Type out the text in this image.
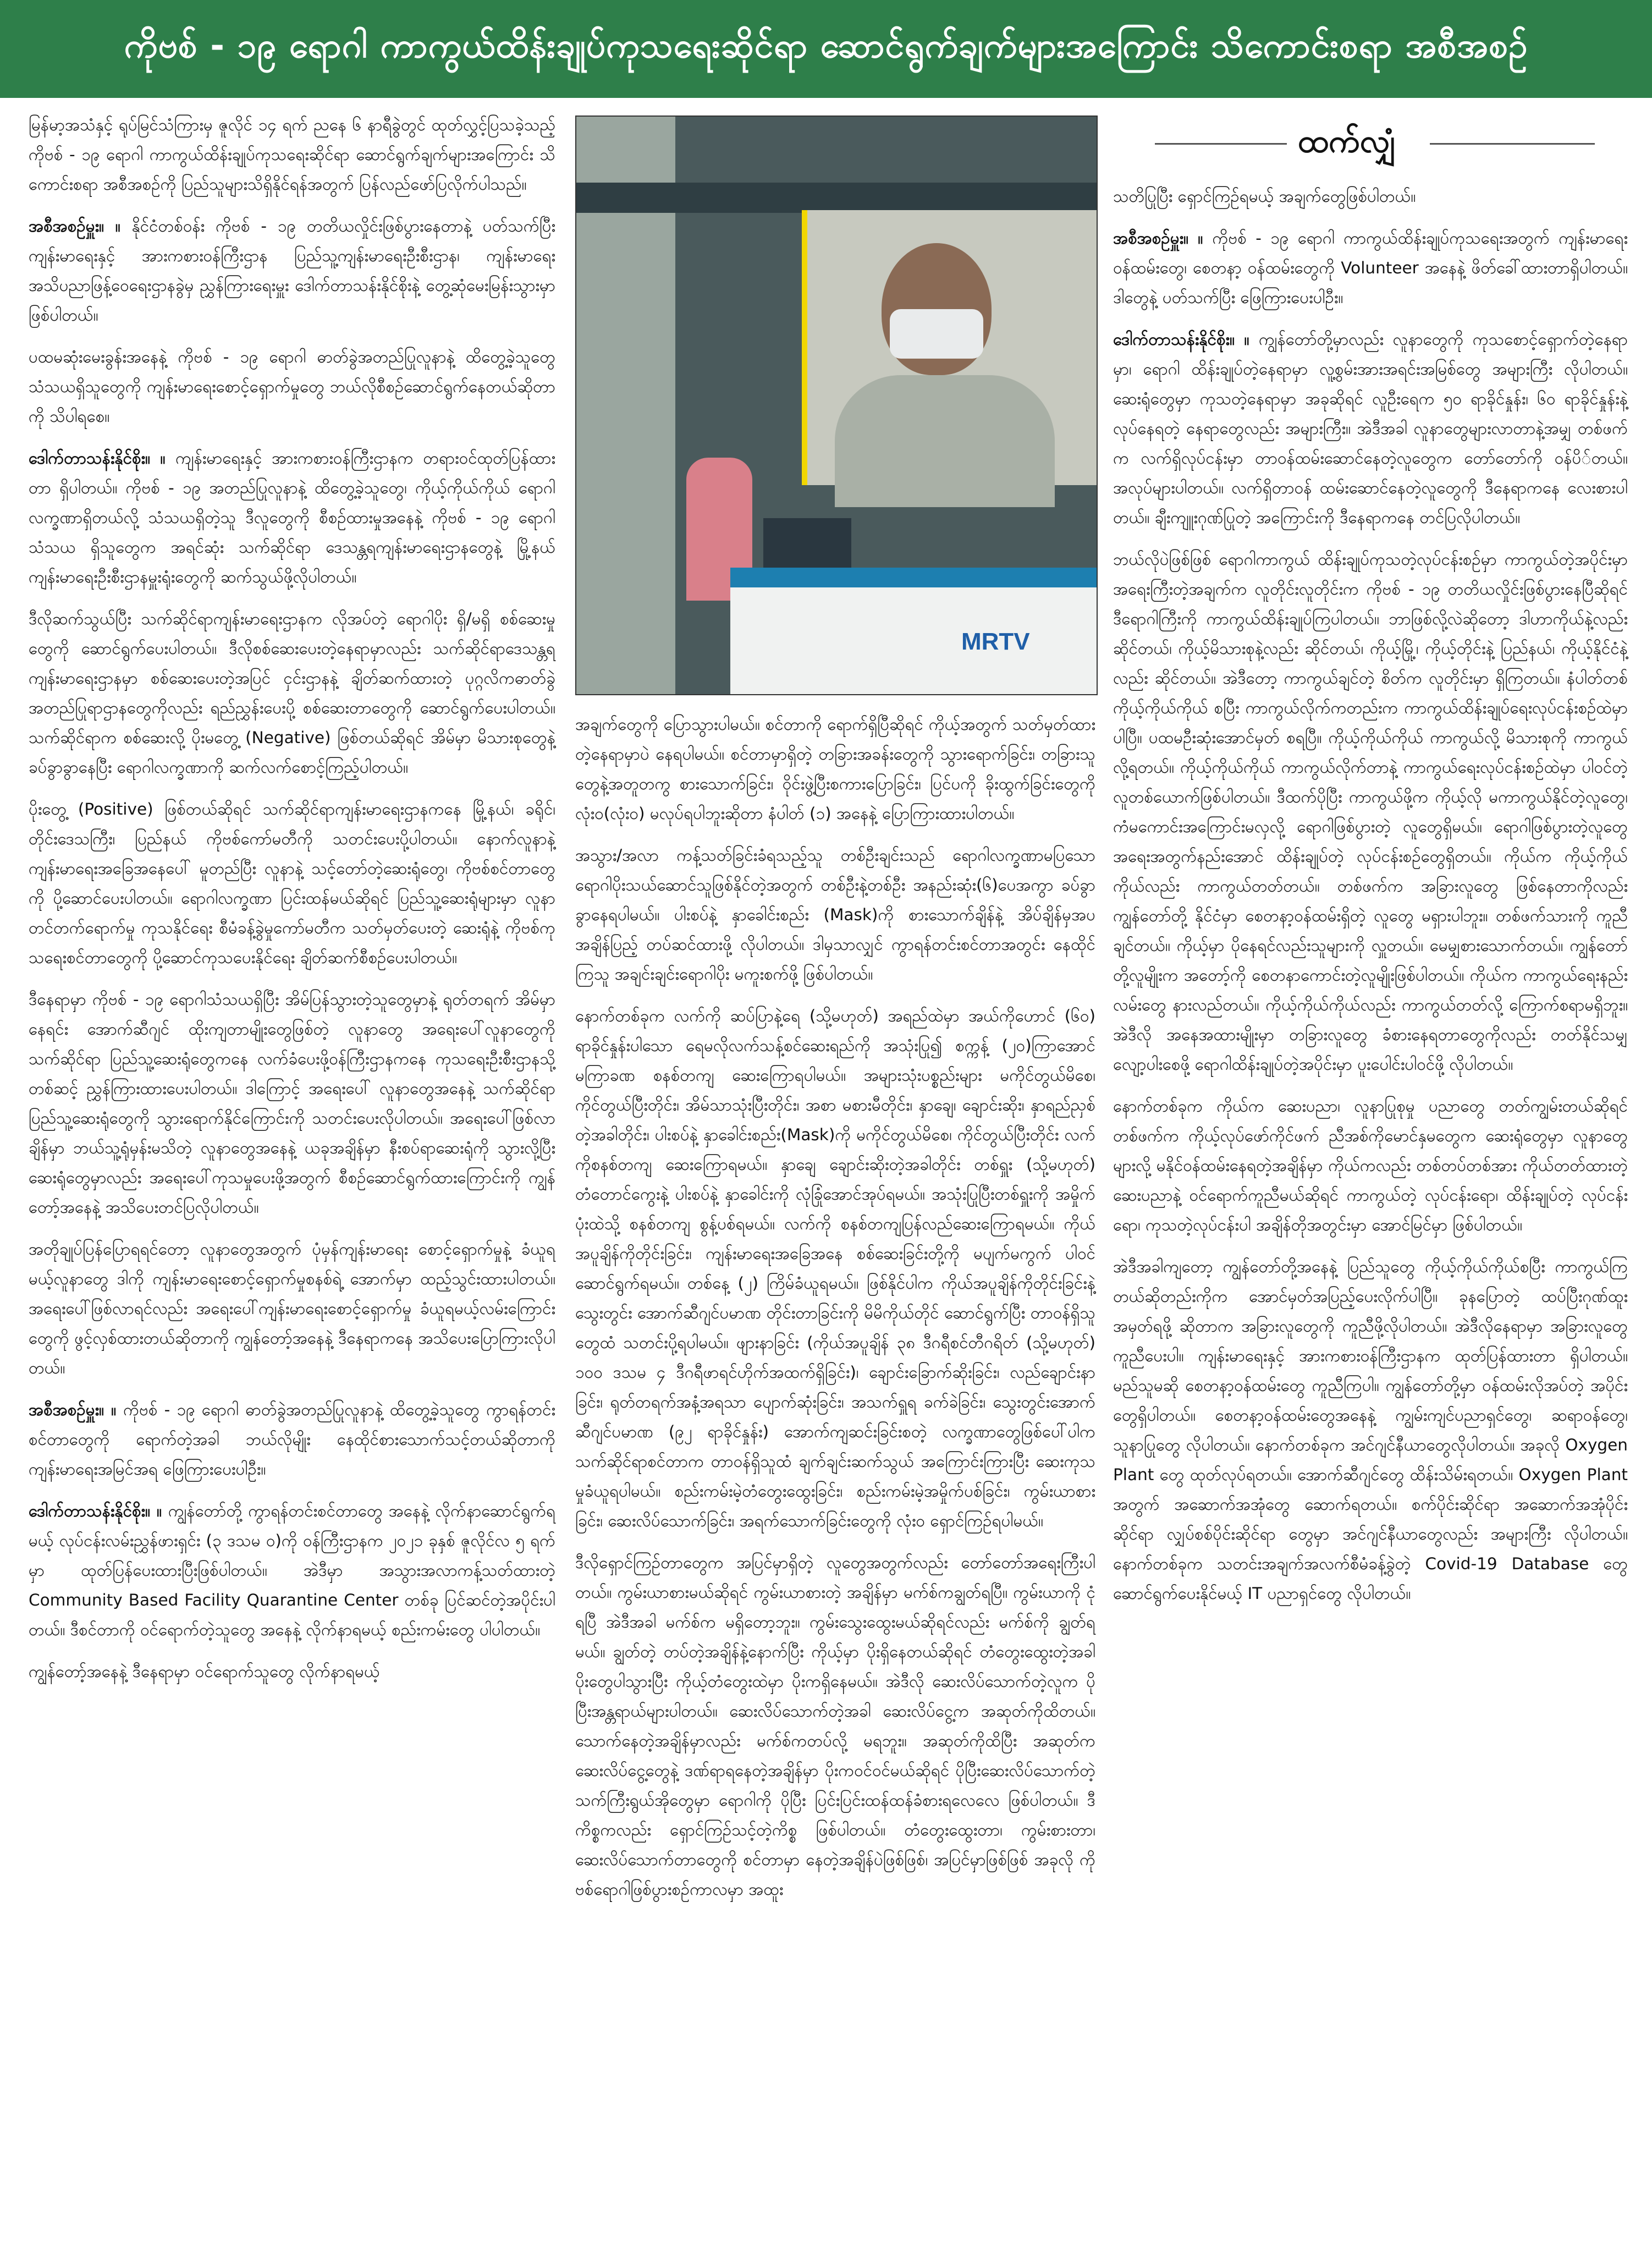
ကိုဗစ် - ၁၉ ရောဂါ ကာကွယ်ထိန်းချုပ်ကုသရေးဆိုင်ရာ ဆောင်ရွက်ချက်များအကြောင်း သိကောင်းစရာ အစီအစဉ်

မြန်မာ့အသံနှင့် ရုပ်မြင်သံကြားမှ ဇူလိုင် ၁၄ ရက် ညနေ ၆ နာရီခွဲတွင် ထုတ်လွှင့်ပြသခဲ့သည့် ကိုဗစ် - ၁၉ ရောဂါ ကာကွယ်ထိန်းချုပ်ကုသရေးဆိုင်ရာ ဆောင်ရွက်ချက်များအကြောင်း သိကောင်းစရာ အစီအစဉ်ကို ပြည်သူများသိရှိနိုင်ရန်အတွက် ပြန်လည်ဖော်ပြလိုက်ပါသည်။

အစီအစဉ်မှူး။ ။ နိုင်ငံတစ်ဝန်း ကိုဗစ် - ၁၉ တတိယလှိုင်းဖြစ်ပွားနေတာနဲ့ ပတ်သက်ပြီး ကျန်းမာရေးနှင့် အားကစားဝန်ကြီးဌာန ပြည်သူ့ကျန်းမာရေးဦးစီးဌာန၊ ကျန်းမာရေး အသိပညာဖြန့်ဝေရေးဌာနခွဲမှ ညွှန်ကြားရေးမှူး ဒေါက်တာသန်းနိုင်စိုးနဲ့ တွေ့ဆုံမေးမြန်းသွားမှာ ဖြစ်ပါတယ်။

ပထမဆုံးမေးခွန်းအနေနဲ့ ကိုဗစ် - ၁၉ ရောဂါ ဓာတ်ခွဲအတည်ပြုလူနာနဲ့ ထိတွေ့ခဲ့သူတွေ သံသယရှိသူတွေကို ကျန်းမာရေးစောင့်ရှောက်မှုတွေ ဘယ်လိုစီစဉ်ဆောင်ရွက်နေတယ်ဆိုတာကို သိပါရစေ။

ဒေါက်တာသန်းနိုင်စိုး။ ။ ကျန်းမာရေးနှင့် အားကစားဝန်ကြီးဌာနက တရားဝင်ထုတ်ပြန်ထားတာ ရှိပါတယ်။ ကိုဗစ် - ၁၉ အတည်ပြုလူနာနဲ့ ထိတွေ့ခဲ့သူတွေ၊ ကိုယ့်ကိုယ်ကိုယ် ရောဂါလက္ခဏာရှိတယ်လို့ သံသယရှိတဲ့သူ ဒီလူတွေကို စီစဉ်ထားမှုအနေနဲ့ ကိုဗစ် - ၁၉ ရောဂါ သံသယ ရှိသူတွေက အရင်ဆုံး သက်ဆိုင်ရာ ဒေသန္တရကျန်းမာရေးဌာနတွေနဲ့ မြို့နယ်ကျန်းမာရေးဦးစီးဌာနမှူးရုံးတွေကို ဆက်သွယ်ဖို့လိုပါတယ်။

ဒီလိုဆက်သွယ်ပြီး သက်ဆိုင်ရာကျန်းမာရေးဌာနက လိုအပ်တဲ့ ရောဂါပိုး ရှိ/မရှိ စစ်ဆေးမှုတွေကို ဆောင်ရွက်ပေးပါတယ်။ ဒီလိုစစ်ဆေးပေးတဲ့နေရာမှာလည်း သက်ဆိုင်ရာဒေသန္တရ ကျန်းမာရေးဌာနမှာ စစ်ဆေးပေးတဲ့အပြင် ငှင်းဌာနနဲ့ ချိတ်ဆက်ထားတဲ့ ပုဂ္ဂလိကဓာတ်ခွဲအတည်ပြုရာဌာနတွေကိုလည်း ရည်ညွှန်းပေးပို့ စစ်ဆေးတာတွေကို ဆောင်ရွက်ပေးပါတယ်။ သက်ဆိုင်ရာက စစ်ဆေးလို့ ပိုးမတွေ့ (Negative) ဖြစ်တယ်ဆိုရင် အိမ်မှာ မိသားစုတွေနဲ့ ခပ်ခွာခွာနေပြီး ရောဂါလက္ခဏာကို ဆက်လက်စောင့်ကြည့်ပါတယ်။

ပိုးတွေ့ (Positive) ဖြစ်တယ်ဆိုရင် သက်ဆိုင်ရာကျန်းမာရေးဌာနကနေ မြို့နယ်၊ ခရိုင်၊ တိုင်းဒေသကြီး၊ ပြည်နယ် ကိုဗစ်ကော်မတီကို သတင်းပေးပို့ပါတယ်။ နောက်လူနာနဲ့ ကျန်းမာရေးအခြေအနေပေါ် မူတည်ပြီး လူနာနဲ့ သင့်တော်တဲ့ဆေးရုံတွေ၊ ကိုဗစ်စင်တာတွေကို ပို့ဆောင်ပေးပါတယ်။ ရောဂါလက္ခဏာ ပြင်းထန်မယ်ဆိုရင် ပြည်သူ့ဆေးရုံများမှာ လူနာတင်တက်ရောက်မှု ကုသနိုင်ရေး စီမံခန့်ခွဲမှုကော်မတီက သတ်မှတ်ပေးတဲ့ ဆေးရုံနဲ့ ကိုဗစ်ကုသရေးစင်တာတွေကို ပို့ဆောင်ကုသပေးနိုင်ရေး ချိတ်ဆက်စီစဉ်ပေးပါတယ်။

ဒီနေရာမှာ ကိုဗစ် - ၁၉ ရောဂါသံသယရှိပြီး အိမ်ပြန်သွားတဲ့သူတွေမှာနဲ့ ရုတ်တရက် အိမ်မှာနေရင်း အောက်ဆီဂျင် ထိုးကျတာမျိုးတွေဖြစ်တဲ့ လူနာတွေ အရေးပေါ်လူနာတွေကို သက်ဆိုင်ရာ ပြည်သူ့ဆေးရုံတွေကနေ လက်ခံပေးဖို့ဝန်ကြီးဌာနကနေ ကုသရေးဦးစီးဌာနသို့တစ်ဆင့် ညွှန်ကြားထားပေးပါတယ်။ ဒါကြောင့် အရေးပေါ် လူနာတွေအနေနဲ့ သက်ဆိုင်ရာ ပြည်သူ့ဆေးရုံတွေကို သွားရောက်နိုင်ကြောင်းကို သတင်းပေးလိုပါတယ်။ အရေးပေါ်ဖြစ်လာချိန်မှာ ဘယ်သူ့ရုံမှန်းမသိတဲ့ လူနာတွေအနေနဲ့ ယခုအချိန်မှာ နီးစပ်ရာဆေးရုံကို သွားလို့ပြီး ဆေးရုံတွေမှာလည်း အရေးပေါ်ကုသမှုပေးဖို့အတွက် စီစဉ်ဆောင်ရွက်ထားကြောင်းကို ကျွန်တော့်အနေနဲ့ အသိပေးတင်ပြလိုပါတယ်။

အတိုချုပ်ပြန်ပြောရရင်တော့ လူနာတွေအတွက် ပုံမှန်ကျန်းမာရေး စောင့်ရှောက်မှုနဲ့ ခံယူရမယ့်လူနာတွေ ဒါကို ကျန်းမာရေးစောင့်ရှောက်မှုစနစ်ရဲ့ အောက်မှာ ထည့်သွင်းထားပါတယ်။ အရေးပေါ်ဖြစ်လာရင်လည်း အရေးပေါ်ကျန်းမာရေးစောင့်ရှောက်မှု ခံယူရမယ့်လမ်းကြောင်းတွေကို ဖွင့်လှစ်ထားတယ်ဆိုတာကို ကျွန်တော့်အနေနဲ့ ဒီနေရာကနေ အသိပေးပြောကြားလိုပါတယ်။

အစီအစဉ်မှူး။ ။ ကိုဗစ် - ၁၉ ရောဂါ ဓာတ်ခွဲအတည်ပြုလူနာနဲ့ ထိတွေ့ခဲ့သူတွေ ကွာရန်တင်းစင်တာတွေကို ရောက်တဲ့အခါ ဘယ်လိုမျိုး နေထိုင်စားသောက်သင့်တယ်ဆိုတာကို ကျန်းမာရေးအမြင်အရ ဖြေကြားပေးပါဦး။

ဒေါက်တာသန်းနိုင်စိုး။ ။ ကျွန်တော်တို့ ကွာရန်တင်းစင်တာတွေ အနေနဲ့ လိုက်နာဆောင်ရွက်ရမယ့် လုပ်ငန်းလမ်းညွှန်ဖားရှင်း (၃ ဒသမ ၀)ကို ဝန်ကြီးဌာနက ၂၀၂၁ ခုနှစ် ဇူလိုင်လ ၅ ရက်မှာ ထုတ်ပြန်ပေးထားပြီးဖြစ်ပါတယ်။ အဲဒီမှာ အသွားအလာကန့်သတ်ထားတဲ့ Community Based Facility Quarantine Center တစ်ခု ပြင်ဆင်တဲ့အပိုင်းပါတယ်။ ဒီစင်တာကို ဝင်ရောက်တဲ့သူတွေ အနေနဲ့ လိုက်နာရမယ့် စည်းကမ်းတွေ ပါပါတယ်။

ကျွန်တော့်အနေနဲ့ ဒီနေရာမှာ ဝင်ရောက်သူတွေ လိုက်နာရမယ့်

MRTV
ထက်လျှံ

အချက်တွေကို ပြောသွားပါမယ်။ စင်တာကို ရောက်ရှိပြီဆိုရင် ကိုယ့်အတွက် သတ်မှတ်ထားတဲ့နေရာမှာပဲ နေရပါမယ်။ စင်တာမှာရှိတဲ့ တခြားအခန်းတွေကို သွားရောက်ခြင်း၊ တခြားသူတွေနဲ့အတူတကွ စားသောက်ခြင်း၊ ဝိုင်းဖွဲ့ပြီးစကားပြောခြင်း၊ ပြင်ပကို ခိုးထွက်ခြင်းတွေကို လုံး၀(လုံး၀) မလုပ်ရပါဘူးဆိုတာ နံပါတ် (၁) အနေနဲ့ ပြောကြားထားပါတယ်။

အသွား/အလာ ကန့်သတ်ခြင်းခံရသည့်သူ တစ်ဦးချင်းသည် ရောဂါလက္ခဏာမပြသော ရောဂါပိုးသယ်ဆောင်သူဖြစ်နိုင်တဲ့အတွက် တစ်ဦးနဲ့တစ်ဦး အနည်းဆုံး(၆)ပေအကွာ ခပ်ခွာခွာနေရပါမယ်။ ပါးစပ်နဲ့ နှာခေါင်းစည်း (Mask)ကို စားသောက်ချိန်နဲ့ အိပ်ချိန်မှအပ အချိန်ပြည့် တပ်ဆင်ထားဖို့ လိုပါတယ်။ ဒါမှသာလျှင် ကွာရန်တင်းစင်တာအတွင်း နေထိုင်ကြသူ အချင်းချင်းရောဂါပိုး မကူးစက်ဖို့ ဖြစ်ပါတယ်။

နောက်တစ်ခုက လက်ကို ဆပ်ပြာနဲ့ရေ (သို့မဟုတ်) အရည်ထဲမှာ အယ်ကိုဟောင် (၆၀) ရာခိုင်နှုန်းပါသော ရေမလိုလက်သန့်စင်ဆေးရည်ကို အသုံးပြု၍ စက္ကန့် (၂၀)ကြာအောင် မကြာခဏ စနစ်တကျ ဆေးကြောရပါမယ်။ အများသုံးပစ္စည်းများ မကိုင်တွယ်မိစေ၊ ကိုင်တွယ်ပြီးတိုင်း၊ အိမ်သာသုံးပြီးတိုင်း၊ အစာ မစားမီတိုင်း၊ နှာချေ၊ ချောင်းဆိုး၊ နှာရည်ညှစ်တဲ့အခါတိုင်း၊ ပါးစပ်နဲ့ နှာခေါင်းစည်း(Mask)ကို မကိုင်တွယ်မိစေ၊ ကိုင်တွယ်ပြီးတိုင်း လက်ကိုစနစ်တကျ ဆေးကြောရမယ်။ နှာချေ ချောင်းဆိုးတဲ့အခါတိုင်း တစ်ရှူး (သို့မဟုတ်) တံတောင်ကွေးနဲ့ ပါးစပ်နဲ့ နှာခေါင်းကို လုံခြုံအောင်အုပ်ရမယ်။ အသုံးပြုပြီးတစ်ရှူးကို အမှိုက်ပုံးထဲသို့ စနစ်တကျ စွန့်ပစ်ရမယ်။ လက်ကို စနစ်တကျပြန်လည်ဆေးကြောရမယ်။ ကိုယ်အပူချိန်ကိုတိုင်းခြင်း၊ ကျန်းမာရေးအခြေအနေ စစ်ဆေးခြင်းတို့ကို မပျက်မကွက် ပါဝင်ဆောင်ရွက်ရမယ်။ တစ်နေ့ (၂) ကြိမ်ခံယူရမယ်။ ဖြစ်နိုင်ပါက ကိုယ်အပူချိန်ကိုတိုင်းခြင်းနဲ့ သွေးတွင်း အောက်ဆီဂျင်ပမာဏ တိုင်းတာခြင်းကို မိမိကိုယ်တိုင် ဆောင်ရွက်ပြီး တာဝန်ရှိသူတွေထံ သတင်းပို့ရပါမယ်။ ဖျားနာခြင်း (ကိုယ်အပူချိန် ၃၈ ဒီဂရီစင်တီဂရိတ် (သို့မဟုတ်) ၁၀၀ ဒသမ ၄ ဒီဂရီဖာရင်ဟိုက်အထက်ရှိခြင်း)၊ ချောင်းခြောက်ဆိုးခြင်း၊ လည်ချောင်းနာခြင်း၊ ရုတ်တရက်အနံ့အရသာ ပျောက်ဆုံးခြင်း၊ အသက်ရှူရ ခက်ခဲခြင်း၊ သွေးတွင်းအောက်ဆီဂျင်ပမာဏ (၉၂ ရာခိုင်နှုန်း) အောက်ကျဆင်းခြင်းစတဲ့ လက္ခဏာတွေဖြစ်ပေါ်ပါက သက်ဆိုင်ရာစင်တာက တာဝန်ရှိသူထံ ချက်ချင်းဆက်သွယ် အကြောင်းကြားပြီး ဆေးကုသမှုခံယူရပါမယ်။ စည်းကမ်းမဲ့တံတွေးထွေးခြင်း၊ စည်းကမ်းမဲ့အမှိုက်ပစ်ခြင်း၊ ကွမ်းယာစားခြင်း၊ ဆေးလိပ်သောက်ခြင်း၊ အရက်သောက်ခြင်းတွေကို လုံး၀ ရှောင်ကြဉ်ရပါမယ်။

ဒီလိုရှောင်ကြဉ်တာတွေက အပြင်မှာရှိတဲ့ လူတွေအတွက်လည်း တော်တော်အရေးကြီးပါတယ်။ ကွမ်းယာစားမယ်ဆိုရင် ကွမ်းယာစားတဲ့ အချိန်မှာ မက်စ်ကချွတ်ရပြီ။ ကွမ်းယာကို ငုံရပြီ အဲဒီအခါ မက်စ်က မရှိတော့ဘူး။ ကွမ်းသွေးထွေးမယ်ဆိုရင်လည်း မက်စ်ကို ချွတ်ရမယ်။ ချွတ်တဲ့ တပ်တဲ့အချိန်နဲ့နောက်ပြီး ကိုယ့်မှာ ပိုးရှိနေတယ်ဆိုရင် တံတွေးထွေးတဲ့အခါ ပိုးတွေပါသွားပြီး ကိုယ့်တံတွေးထဲမှာ ပိုးကရှိနေမယ်။ အဲဒီလို ဆေးလိပ်သောက်တဲ့လူက ပိုပြီးအန္တရာယ်များပါတယ်။ ဆေးလိပ်သောက်တဲ့အခါ ဆေးလိပ်ငွေ့က အဆုတ်ကိုထိတယ်။ သောက်နေတဲ့အချိန်မှာလည်း မက်စ်ကတပ်လို့ မရဘူး။ အဆုတ်ကိုထိပြီး အဆုတ်က ဆေးလိပ်ငွေ့တွေနဲ့ ဒဏ်ရာရနေတဲ့အချိန်မှာ ပိုးကဝင်ဝင်မယ်ဆိုရင် ပိုပြီးဆေးလိပ်သောက်တဲ့ သက်ကြီးရွယ်အိုတွေမှာ ရောဂါကို ပိုပြီး ပြင်းပြင်းထန်ထန်ခံစားရလေလေ ဖြစ်ပါတယ်။ ဒီကိစ္စကလည်း ရှောင်ကြဉ်သင့်တဲ့ကိစ္စ ဖြစ်ပါတယ်။ တံတွေးထွေးတာ၊ ကွမ်းစားတာ၊ ဆေးလိပ်သောက်တာတွေကို စင်တာမှာ နေတဲ့အချိန်ပဲဖြစ်ဖြစ်၊ အပြင်မှာဖြစ်ဖြစ် အခုလို ကိုဗစ်ရောဂါဖြစ်ပွားစဉ်ကာလမှာ အထူး

သတိပြုပြီး ရှောင်ကြဉ်ရမယ့် အချက်တွေဖြစ်ပါတယ်။

အစီအစဉ်မှူး။ ။ ကိုဗစ် - ၁၉ ရောဂါ ကာကွယ်ထိန်းချုပ်ကုသရေးအတွက် ကျန်းမာရေး ဝန်ထမ်းတွေ၊ စေတနာ့ ဝန်ထမ်းတွေကို Volunteer အနေနဲ့ ဖိတ်ခေါ်ထားတာရှိပါတယ်။ ဒါတွေနဲ့ ပတ်သက်ပြီး ဖြေကြားပေးပါဦး။

ဒေါက်တာသန်းနိုင်စိုး။ ။ ကျွန်တော်တို့မှာလည်း လူနာတွေကို ကုသစောင့်ရှောက်တဲ့နေရာမှာ၊ ရောဂါ ထိန်းချုပ်တဲ့နေရာမှာ လူ့စွမ်းအားအရင်းအမြစ်တွေ အများကြီး လိုပါတယ်။ ဆေးရုံတွေမှာ ကုသတဲ့နေရာမှာ အခုဆိုရင် လူဦးရေက ၅၀ ရာခိုင်နှုန်း၊ ၆၀ ရာခိုင်နှုန်းနဲ့ လုပ်နေရတဲ့ နေရာတွေလည်း အများကြီး။ အဲဒီအခါ လူနာတွေများလာတာနဲ့အမျှ တစ်ဖက်က လက်ရှိလုပ်ငန်းမှာ တာဝန်ထမ်းဆောင်နေတဲ့လူတွေက တော်တော်ကို ဝန်ပိ်တယ်။ အလုပ်များပါတယ်။ လက်ရှိတာဝန် ထမ်းဆောင်နေတဲ့လူတွေကို ဒီနေရာကနေ လေးစားပါတယ်။ ချီးကျူးဂုဏ်ပြုတဲ့ အကြောင်းကို ဒီနေရာကနေ တင်ပြလိုပါတယ်။

ဘယ်လိုပဲဖြစ်ဖြစ် ရောဂါကာကွယ် ထိန်းချုပ်ကုသတဲ့လုပ်ငန်းစဉ်မှာ ကာကွယ်တဲ့အပိုင်းမှာ အရေးကြီးတဲ့အချက်က လူတိုင်းလူတိုင်းက ကိုဗစ် - ၁၉ တတိယလှိုင်းဖြစ်ပွားနေပြီဆိုရင် ဒီရောဂါကြီးကို ကာကွယ်ထိန်းချုပ်ကြပါတယ်။ ဘာဖြစ်လို့လဲဆိုတော့ ဒါဟာကိုယ်နဲ့လည်း ဆိုင်တယ်၊ ကိုယ့်မိသားစုနဲ့လည်း ဆိုင်တယ်၊ ကိုယ့်မြို့၊ ကိုယ့်တိုင်းနဲ့ ပြည်နယ်၊ ကိုယ့်နိုင်ငံနဲ့လည်း ဆိုင်တယ်။ အဲဒီတော့ ကာကွယ်ချင်တဲ့ စိတ်က လူတိုင်းမှာ ရှိကြတယ်။ နံပါတ်တစ် ကိုယ့်ကိုယ်ကိုယ် စပြီး ကာကွယ်လိုက်ကတည်းက ကာကွယ်ထိန်းချုပ်ရေးလုပ်ငန်းစဉ်ထဲမှာ ပါပြီ။ ပထမဦးဆုံးအောင်မှတ် စရပြီ။ ကိုယ့်ကိုယ်ကိုယ် ကာကွယ်လို့ မိသားစုကို ကာကွယ်လို့ရတယ်။ ကိုယ့်ကိုယ်ကိုယ် ကာကွယ်လိုက်တာနဲ့ ကာကွယ်ရေးလုပ်ငန်းစဉ်ထဲမှာ ပါဝင်တဲ့လူတစ်ယောက်ဖြစ်ပါတယ်။ ဒီထက်ပိုပြီး ကာကွယ်ဖို့က ကိုယ့်လို မကာကွယ်နိုင်တဲ့လူတွေ၊ ကံမကောင်းအကြောင်းမလှလို့ ရောဂါဖြစ်ပွားတဲ့ လူတွေရှိမယ်။ ရောဂါဖြစ်ပွားတဲ့လူတွေ အရေးအတွက်နည်းအောင် ထိန်းချုပ်တဲ့ လုပ်ငန်းစဉ်တွေရှိတယ်။ ကိုယ်က ကိုယ့်ကိုယ်ကိုယ်လည်း ကာကွယ်တတ်တယ်။ တစ်ဖက်က အခြားလူတွေ ဖြစ်နေတာကိုလည်း ကျွန်တော်တို့ နိုင်ငံမှာ စေတနာ့ဝန်ထမ်းရှိတဲ့ လူတွေ မရှားပါဘူး။ တစ်ဖက်သားကို ကူညီချင်တယ်။ ကိုယ့်မှာ ပိုနေရင်လည်းသူများကို လှူတယ်။ မေမျှစားသောက်တယ်။ ကျွန်တော်တို့လူမျိုးက အတော့်ကို စေတနာကောင်းတဲ့လူမျိုးဖြစ်ပါတယ်။ ကိုယ်က ကာကွယ်ရေးနည်းလမ်းတွေ နားလည်တယ်။ ကိုယ့်ကိုယ်ကိုယ်လည်း ကာကွယ်တတ်လို့ ကြောက်စရာမရှိဘူး။ အဲဒီလို အနေအထားမျိုးမှာ တခြားလူတွေ ခံစားနေရတာတွေကိုလည်း တတ်နိုင်သမျှ လျော့ပါးစေဖို့ ရောဂါထိန်းချုပ်တဲ့အပိုင်းမှာ ပူးပေါင်းပါဝင်ဖို့ လိုပါတယ်။

နောက်တစ်ခုက ကိုယ်က ဆေးပညာ၊ လူနာပြုစုမှု ပညာတွေ တတ်ကျွမ်းတယ်ဆိုရင် တစ်ဖက်က ကိုယ့်လုပ်ဖော်ကိုင်ဖက် ညီအစ်ကိုမောင်နှမတွေက ဆေးရုံတွေမှာ လူနာတွေများလို့ မနိုင်ဝန်ထမ်းနေရတဲ့အချိန်မှာ ကိုယ်ကလည်း တစ်တပ်တစ်အား ကိုယ်တတ်ထားတဲ့ ဆေးပညာနဲ့ ဝင်ရောက်ကူညီမယ်ဆိုရင် ကာကွယ်တဲ့ လုပ်ငန်းရော၊ ထိန်းချုပ်တဲ့ လုပ်ငန်းရော၊ ကုသတဲ့လုပ်ငန်းပါ အချိန်တိုအတွင်းမှာ အောင်မြင်မှာ ဖြစ်ပါတယ်။

အဲဒီအခါကျတော့ ကျွန်တော်တို့အနေနဲ့ ပြည်သူတွေ ကိုယ့်ကိုယ်ကိုယ်စပြီး ကာကွယ်ကြတယ်ဆိုတည်းကိုက အောင်မှတ်အပြည့်ပေးလိုက်ပါပြီ။ ခုနပြောတဲ့ ထပ်ပြီးဂုဏ်ထူးအမှတ်ရဖို့ ဆိုတာက အခြားလူတွေကို ကူညီဖို့လိုပါတယ်။ အဲဒီလိုနေရာမှာ အခြားလူတွေ ကူညီပေးပါ။ ကျန်းမာရေးနှင့် အားကစားဝန်ကြီးဌာနက ထုတ်ပြန်ထားတာ ရှိပါတယ်။ မည်သူမဆို စေတနာ့ဝန်ထမ်းတွေ ကူညီကြပါ။ ကျွန်တော်တို့မှာ ဝန်ထမ်းလိုအပ်တဲ့ အပိုင်းတွေရှိပါတယ်။ စေတနာ့ဝန်ထမ်းတွေအနေနဲ့ ကျွမ်းကျင်ပညာရှင်တွေ၊ ဆရာဝန်တွေ၊ သူနာပြုတွေ လိုပါတယ်။ နောက်တစ်ခုက အင်ဂျင်နီယာတွေလိုပါတယ်။ အခုလို Oxygen Plant တွေ ထုတ်လုပ်ရတယ်။ အောက်ဆီဂျင်တွေ ထိန်းသိမ်းရတယ်။ Oxygen Plant အတွက် အဆောက်အအုံတွေ ဆောက်ရတယ်။ စက်ပိုင်းဆိုင်ရာ အဆောက်အအုံပိုင်းဆိုင်ရာ လျှပ်စစ်ပိုင်းဆိုင်ရာ တွေမှာ အင်ဂျင်နီယာတွေလည်း အများကြီး လိုပါတယ်။ နောက်တစ်ခုက သတင်းအချက်အလက်စီမံခန့်ခွဲတဲ့ Covid-19 Database တွေ ဆောင်ရွက်ပေးနိုင်မယ့် IT ပညာရှင်တွေ လိုပါတယ်။
